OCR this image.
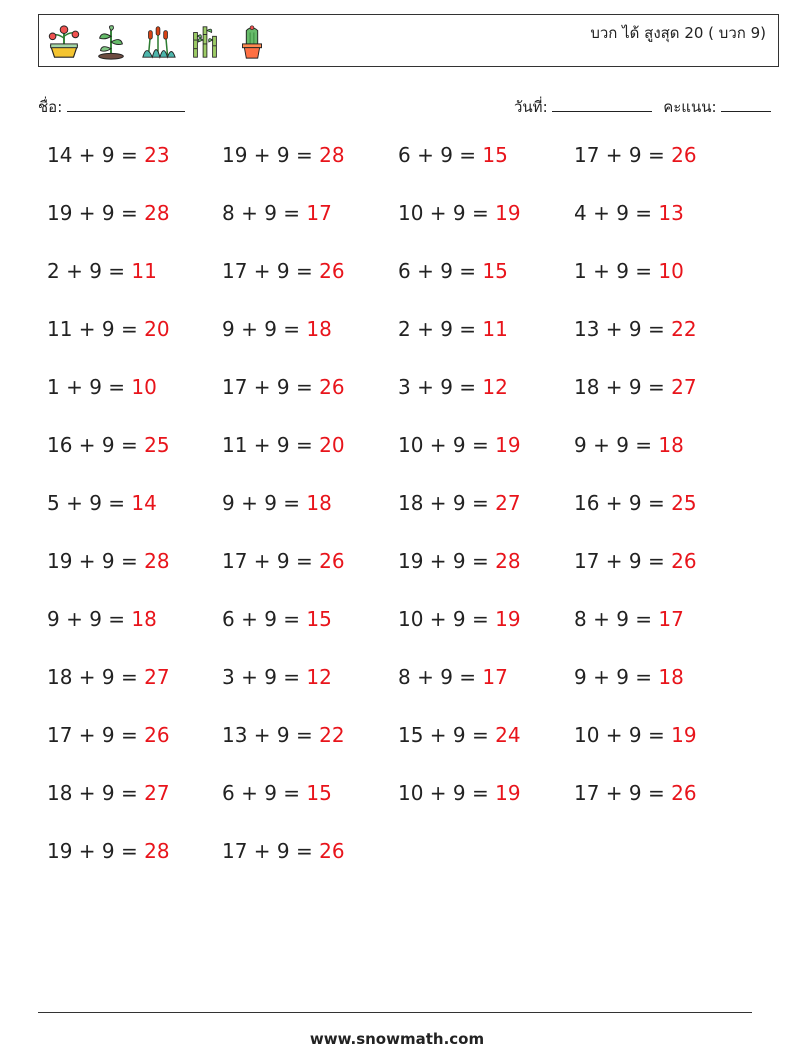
บวก ได้ สูงสุด 20 ( บวก 9)
ชื่อ:	วันที่:	คะแนน:
14 + 9 = 23	19 + 9 = 28	6 + 9 = 15	17 + 9 = 26
19 + 9 = 28	8 + 9 = 17	10 + 9 = 19	4 + 9 = 13
2 + 9 = 11	17 + 9 = 26	6 + 9 = 15	1 + 9 = 10
11 + 9 = 20	9 + 9 = 18	2 + 9 = 11	13 + 9 = 22
1 + 9 = 10	17 + 9 = 26	3 + 9 = 12	18 + 9 = 27
16 + 9 = 25	11 + 9 = 20	10 + 9 = 19	9 + 9 = 18
5 + 9 = 14	9 + 9 = 18	18 + 9 = 27	16 + 9 = 25
19 + 9 = 28	17 + 9 = 26	19 + 9 = 28	17 + 9 = 26
9 + 9 = 18	6 + 9 = 15	10 + 9 = 19	8 + 9 = 17
18 + 9 = 27	3 + 9 = 12	8 + 9 = 17	9 + 9 = 18
17 + 9 = 26	13 + 9 = 22	15 + 9 = 24	10 + 9 = 19
18 + 9 = 27	6 + 9 = 15	10 + 9 = 19	17 + 9 = 26
19 + 9 = 28	17 + 9 = 26
www.snowmath.com
